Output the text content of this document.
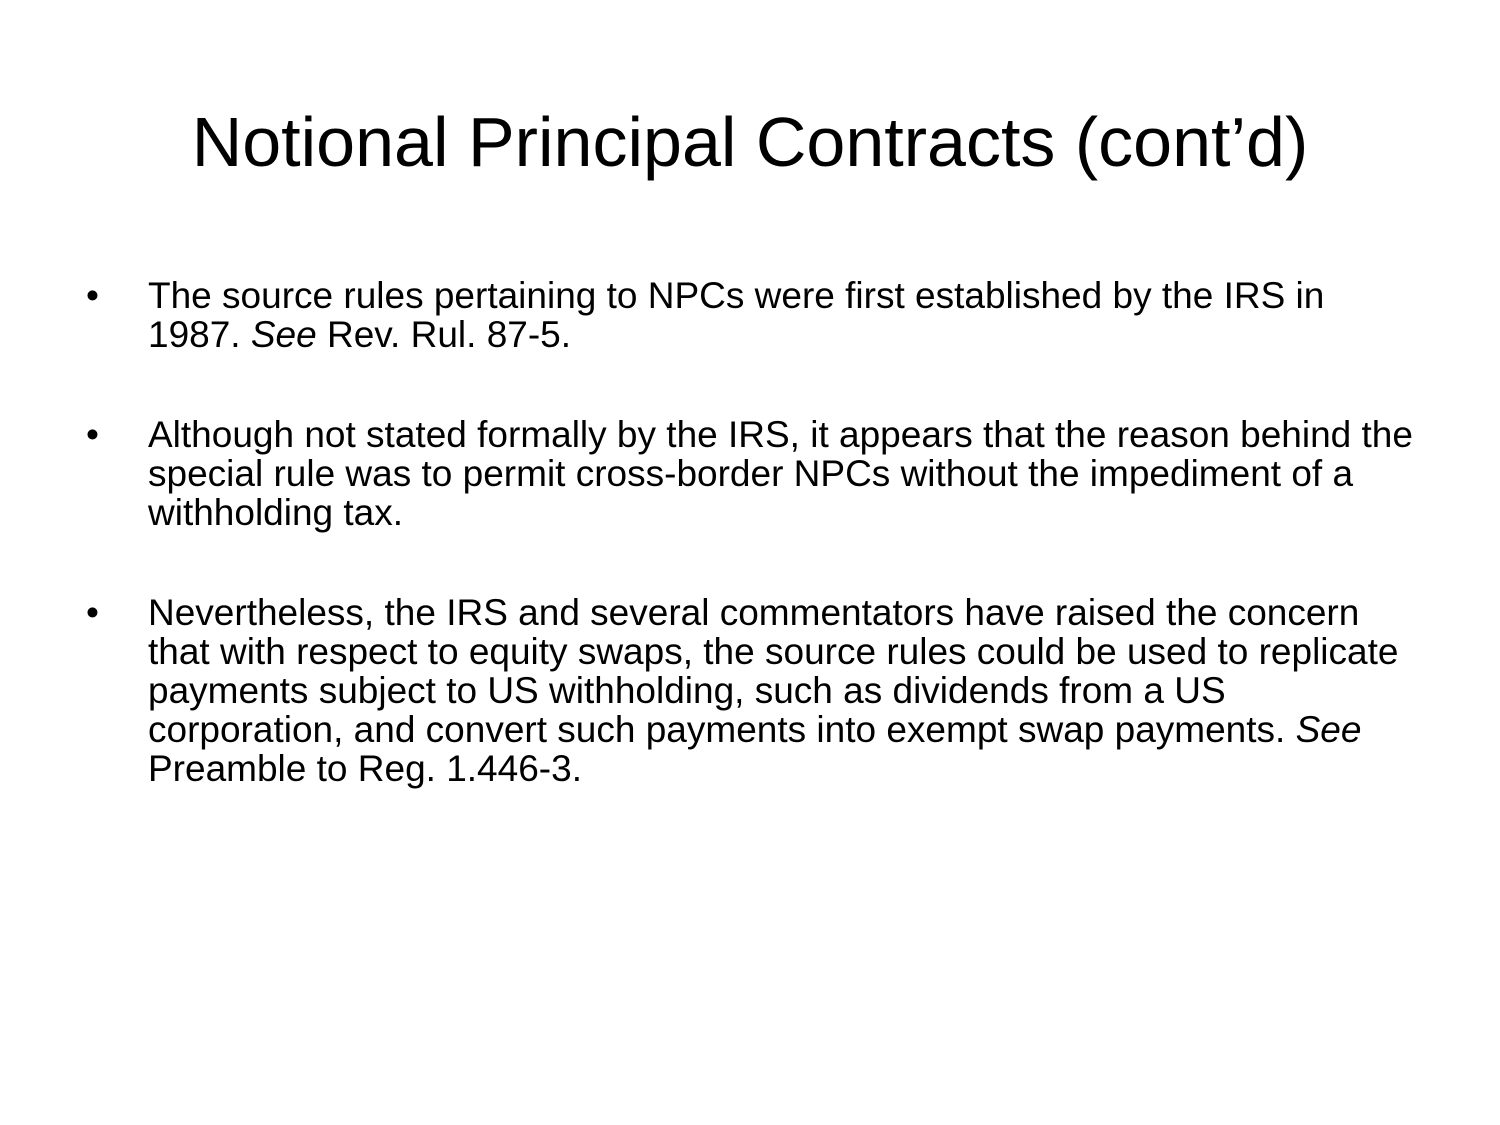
Notional Principal Contracts (cont’d)
• The source rules pertaining to NPCs were first established by the IRS in 1987. See Rev. Rul. 87-5.
• Although not stated formally by the IRS, it appears that the reason behind the special rule was to permit cross-border NPCs without the impediment of a withholding tax.
• Nevertheless, the IRS and several commentators have raised the concern that with respect to equity swaps, the source rules could be used to replicate payments subject to US withholding, such as dividends from a US corporation, and convert such payments into exempt swap payments. See Preamble to Reg. 1.446-3.
